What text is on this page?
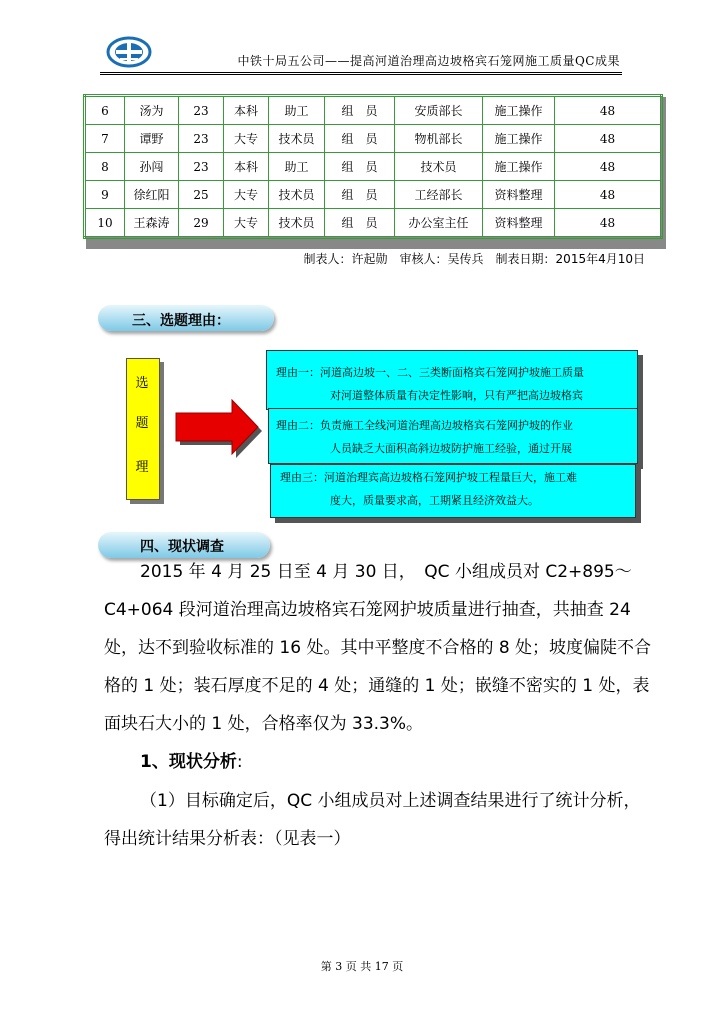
中铁十局五公司——提高河道治理高边坡格宾石笼网施工质量QC成果
6	汤为	23	本科	助工	组　员	安质部长	施工操作	48
7	谭野	23	大专	技术员	组　员	物机部长	施工操作	48
8	孙闯	23	本科	助工	组　员	技术员	施工操作	48
9	徐红阳	25	大专	技术员	组　员	工经部长	资料整理	48
10	王森涛	29	大专	技术员	组　员	办公室主任	资料整理	48
制表人：许起勋　审核人：吴传兵　制表日期：2015年4月10日
三、选题理由：
选
题
理
理由一：河道高边坡一、二、三类断面格宾石笼网护坡施工质量
对河道整体质量有决定性影响，只有严把高边坡格宾
理由二：负责施工全线河道治理高边坡格宾石笼网护坡的作业
人员缺乏大面积高斜边坡防护施工经验，通过开展
理由三：河道治理宾高边坡格石笼网护坡工程量巨大，施工难
度大，质量要求高，工期紧且经济效益大。
四、现状调查
2015 年 4 月 25 日至 4 月 30 日，　QC 小组成员对 C2+895～
C4+064 段河道治理高边坡格宾石笼网护坡质量进行抽查，共抽查 24
处，达不到验收标准的 16 处。其中平整度不合格的 8 处；坡度偏陡不合
格的 1 处；装石厚度不足的 4 处；通缝的 1 处；嵌缝不密实的 1 处，表
面块石大小的 1 处，合格率仅为 33.3%。
1、现状分析:
（1）目标确定后，QC 小组成员对上述调查结果进行了统计分析，
得出统计结果分析表：（见表一）
第 3 页 共 17 页
